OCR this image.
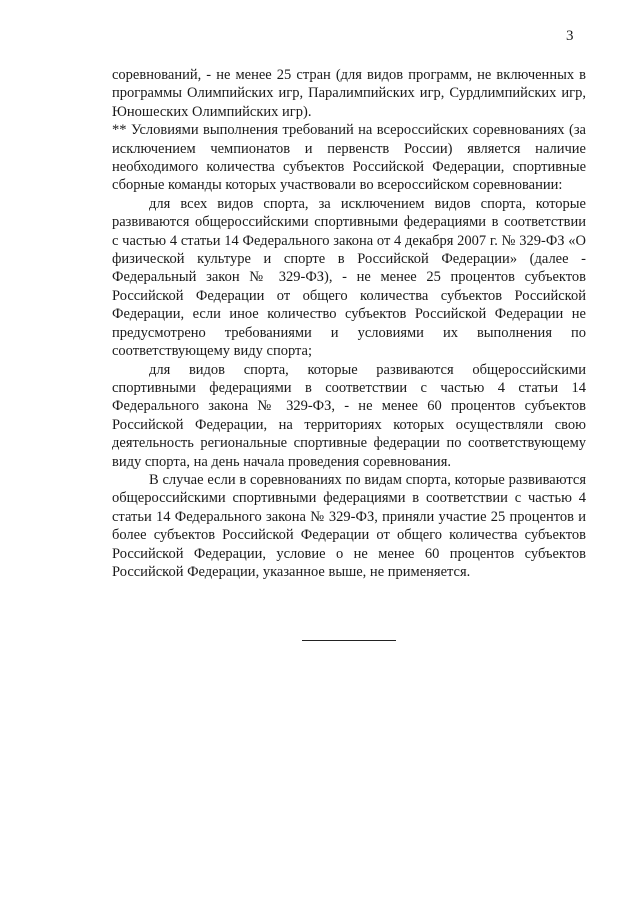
3

соревнований, - не менее 25 стран (для видов программ, не включенных в программы Олимпийских игр, Паралимпийских игр, Сурдлимпийских игр, Юношеских Олимпийских игр).

** Условиями выполнения требований на всероссийских соревнованиях (за исключением чемпионатов и первенств России) является наличие необходимого количества субъектов Российской Федерации, спортивные сборные команды которых участвовали во всероссийском соревновании:

для всех видов спорта, за исключением видов спорта, которые развиваются общероссийскими спортивными федерациями в соответствии с частью 4 статьи 14 Федерального закона от 4 декабря 2007 г. № 329-ФЗ «О физической культуре и спорте в Российской Федерации» (далее - Федеральный закон № 329-ФЗ), - не менее 25 процентов субъектов Российской Федерации от общего количества субъектов Российской Федерации, если иное количество субъектов Российской Федерации не предусмотрено требованиями и условиями их выполнения по соответствующему виду спорта;

для видов спорта, которые развиваются общероссийскими спортивными федерациями в соответствии с частью 4 статьи 14 Федерального закона № 329-ФЗ, - не менее 60 процентов субъектов Российской Федерации, на территориях которых осуществляли свою деятельность региональные спортивные федерации по соответствующему виду спорта, на день начала проведения соревнования.

В случае если в соревнованиях по видам спорта, которые развиваются общероссийскими спортивными федерациями в соответствии с частью 4 статьи 14 Федерального закона № 329-ФЗ, приняли участие 25 процентов и более субъектов Российской Федерации от общего количества субъектов Российской Федерации, условие о не менее 60 процентов субъектов Российской Федерации, указанное выше, не применяется.
